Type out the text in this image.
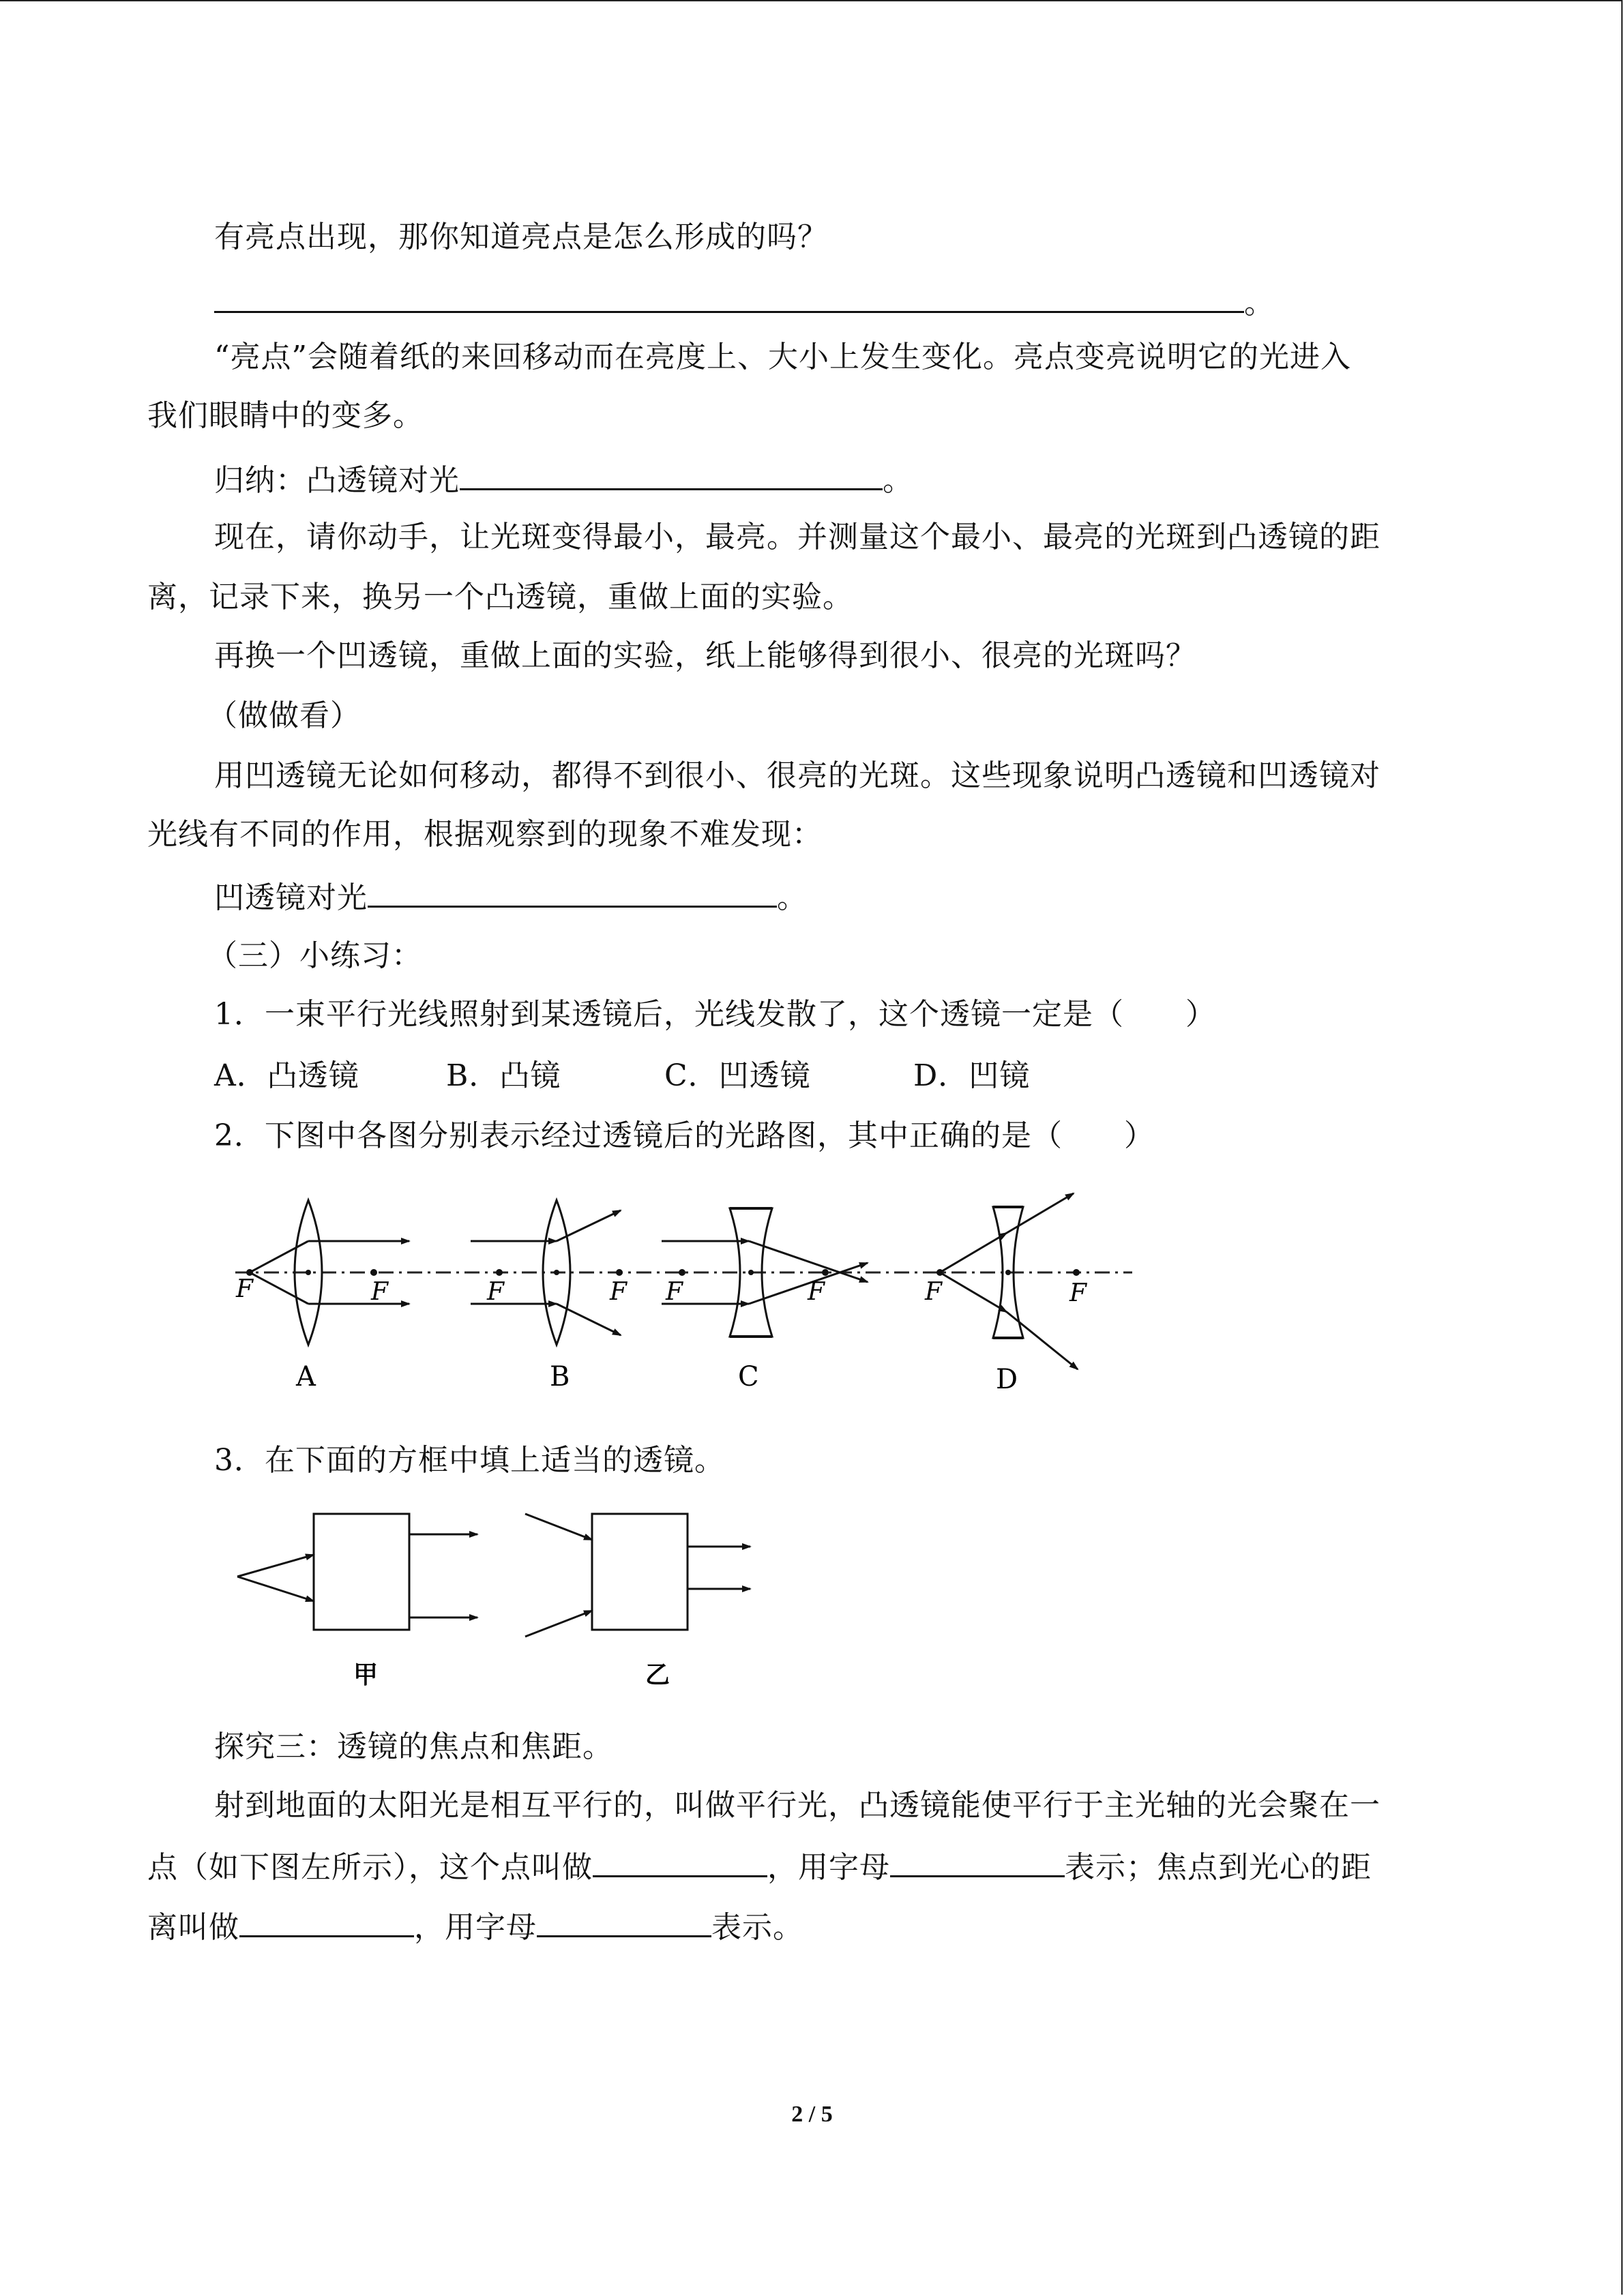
有亮点出现，那你知道亮点是怎么形成的吗？
。
“亮点”会随着纸的来回移动而在亮度上、大小上发生变化。亮点变亮说明它的光进入
我们眼睛中的变多。
归纳：凸透镜对光	。
现在，请你动手，让光斑变得最小，最亮。并测量这个最小、最亮的光斑到凸透镜的距
离，记录下来，换另一个凸透镜，重做上面的实验。
再换一个凹透镜，重做上面的实验，纸上能够得到很小、很亮的光斑吗？
（做做看）
用凹透镜无论如何移动，都得不到很小、很亮的光斑。这些现象说明凸透镜和凹透镜对
光线有不同的作用，根据观察到的现象不难发现：
凹透镜对光	。
（三）小练习：
1．一束平行光线照射到某透镜后，光线发散了，这个透镜一定是（　　）
A．凸透镜	B．凸镜	C．凹透镜	D．凹镜
2．下图中各图分别表示经过透镜后的光路图，其中正确的是（　　）
F	F
A
F	F
B
F	F
C
F	F
D
3．在下面的方框中填上适当的透镜。
甲	乙
探究三：透镜的焦点和焦距。
射到地面的太阳光是相互平行的，叫做平行光，凸透镜能使平行于主光轴的光会聚在一
点（如下图左所示），这个点叫做	，用字母	表示；焦点到光心的距
离叫做	，用字母	表示。
2 / 5
